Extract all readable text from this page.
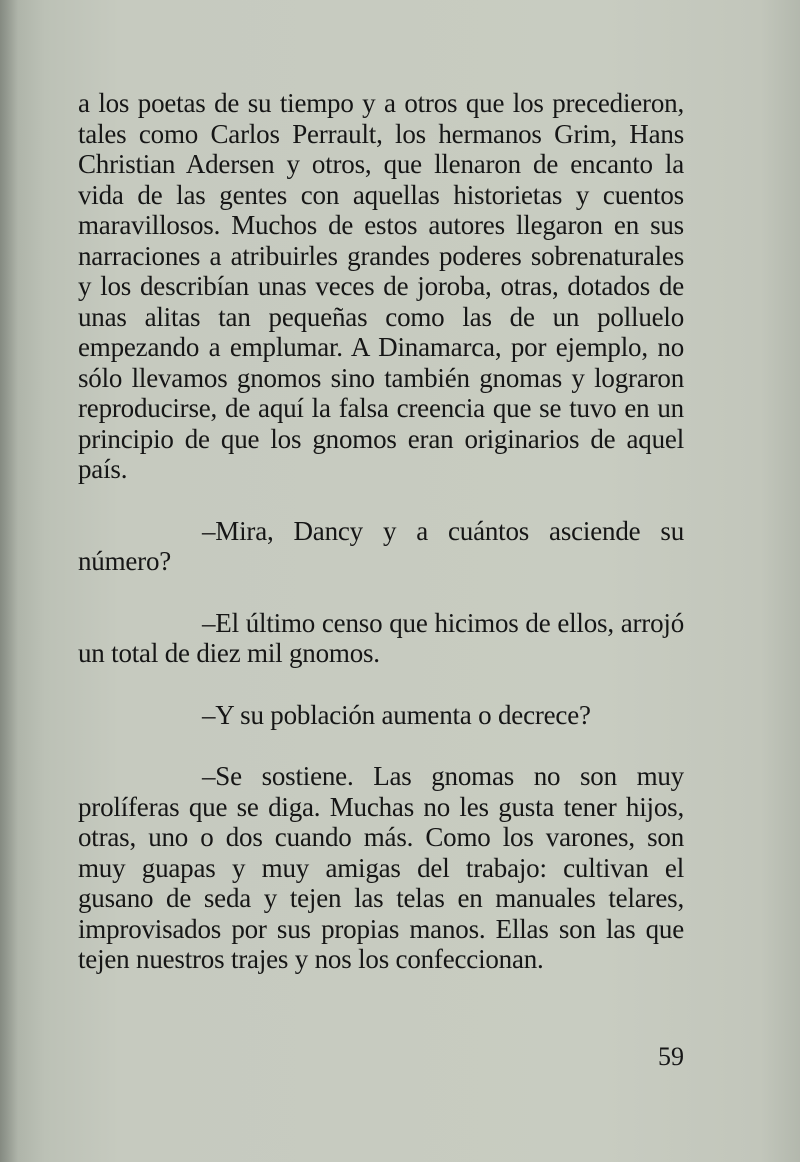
a los poetas de su tiempo y a otros que los precedieron, tales como Carlos Perrault, los hermanos Grim, Hans Christian Adersen y otros, que llenaron de encanto la vida de las gentes con aquellas historietas y cuentos maravillosos. Muchos de estos autores llegaron en sus narraciones a atribuirles grandes poderes sobrenaturales y los describían unas veces de joroba, otras, dotados de unas alitas tan pequeñas como las de un polluelo empezando a emplumar. A Dinamarca, por ejemplo, no sólo llevamos gnomos sino también gnomas y lograron reproducirse, de aquí la falsa creencia que se tuvo en un principio de que los gnomos eran originarios de aquel país.

–Mira, Dancy y a cuántos asciende su número?

–El último censo que hicimos de ellos, arrojó un total de diez mil gnomos.

–Y su población aumenta o decrece?

–Se sostiene. Las gnomas no son muy prolíferas que se diga. Muchas no les gusta tener hijos, otras, uno o dos cuando más. Como los varones, son muy guapas y muy amigas del trabajo: cultivan el gusano de seda y tejen las telas en manuales telares, improvisados por sus propias manos. Ellas son las que tejen nuestros trajes y nos los confeccionan.

59
